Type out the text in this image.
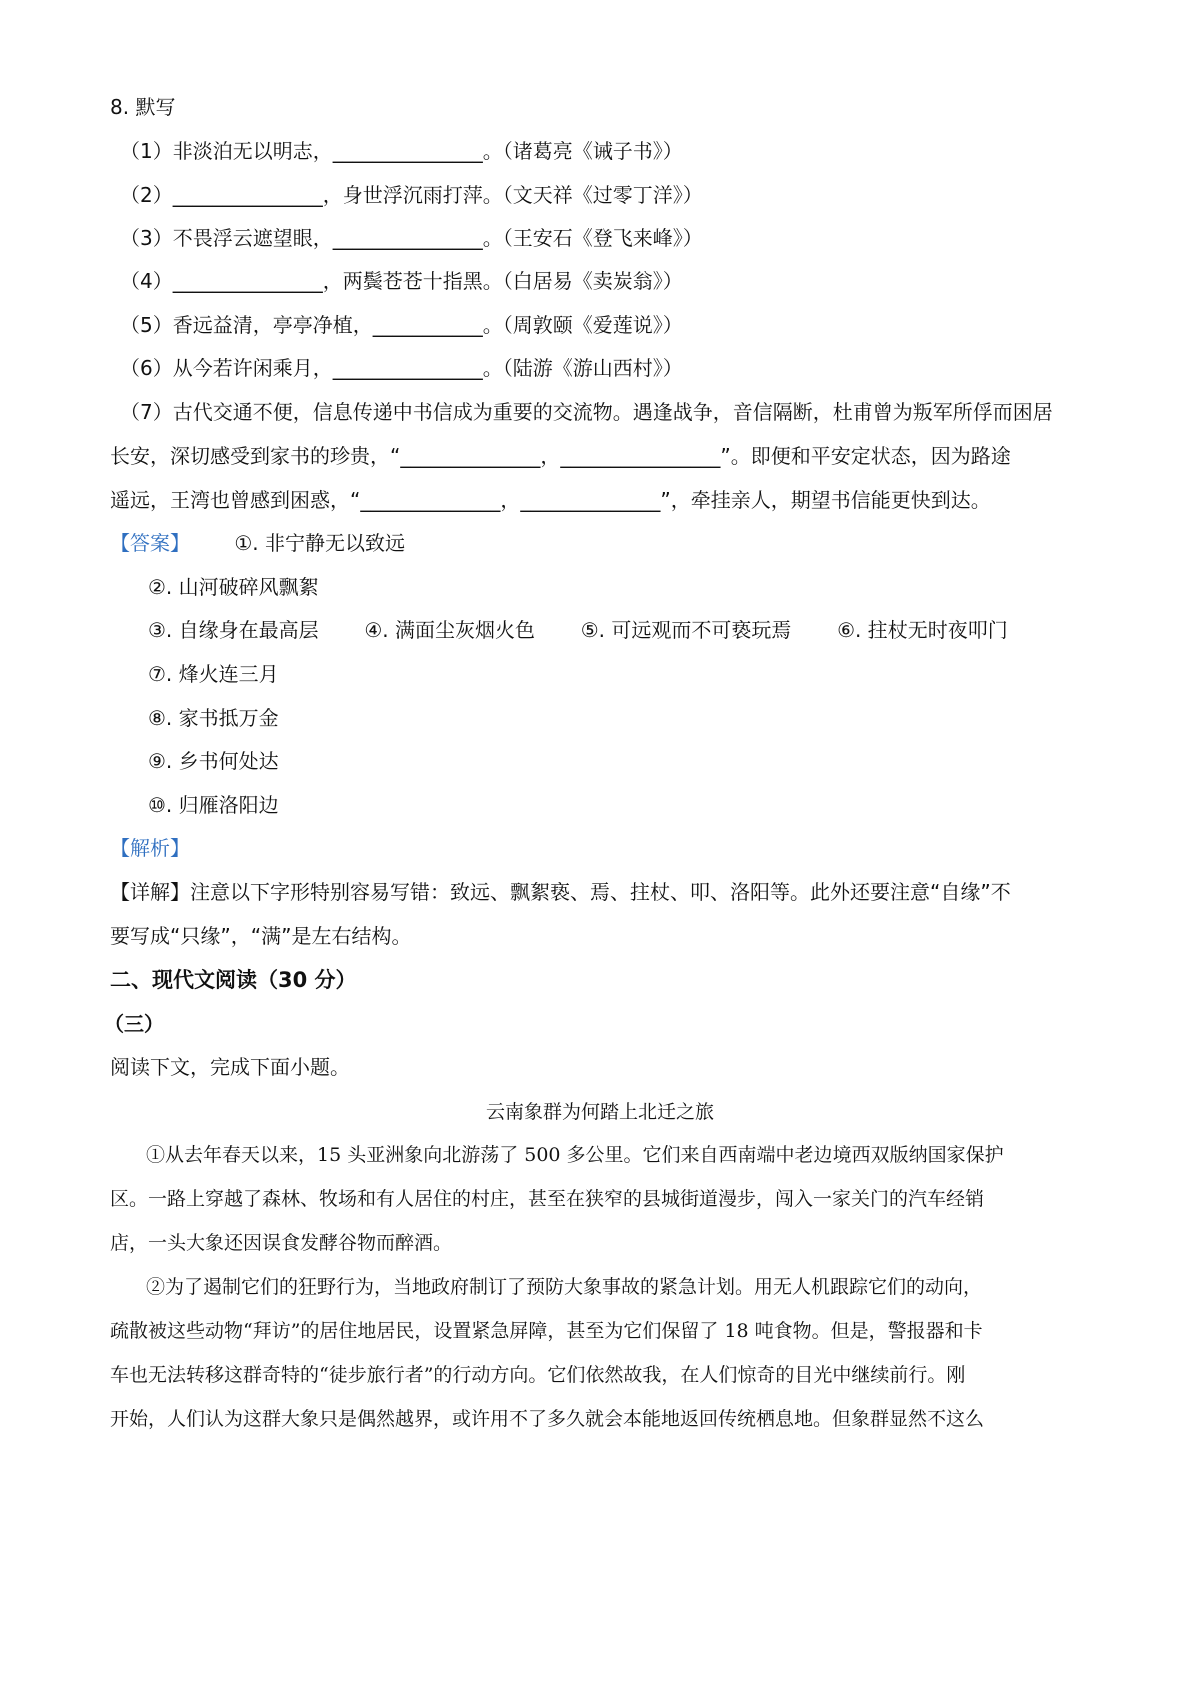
8. 默写
（1）非淡泊无以明志，_______________。（诸葛亮《诫子书》）
（2）_______________，身世浮沉雨打萍。（文天祥《过零丁洋》）
（3）不畏浮云遮望眼，_______________。（王安石《登飞来峰》）
（4）_______________，两鬓苍苍十指黑。（白居易《卖炭翁》）
（5）香远益清，亭亭净植，___________。（周敦颐《爱莲说》）
（6）从今若许闲乘月，_______________。（陆游《游山西村》）
（7）古代交通不便，信息传递中书信成为重要的交流物。遇逢战争，音信隔断，杜甫曾为叛军所俘而困居
长安，深切感受到家书的珍贵，“______________，________________”。即便和平安定状态，因为路途
遥远，王湾也曾感到困惑，“______________，______________”，牵挂亲人，期望书信能更快到达。
【答案】 ①. 非宁静无以致远
②. 山河破碎风飘絮
③. 自缘身在最高层 ④. 满面尘灰烟火色 ⑤. 可远观而不可亵玩焉 ⑥. 拄杖无时夜叩门
⑦. 烽火连三月
⑧. 家书抵万金
⑨. 乡书何处达
⑩. 归雁洛阳边
【解析】
【详解】注意以下字形特别容易写错：致远、飘絮亵、焉、拄杖、叩、洛阳等。此外还要注意“自缘”不
要写成“只缘”，“满”是左右结构。
二、现代文阅读（30 分）
（三）
阅读下文，完成下面小题。
云南象群为何踏上北迁之旅
①从去年春天以来，15 头亚洲象向北游荡了 500 多公里。它们来自西南端中老边境西双版纳国家保护
区。一路上穿越了森林、牧场和有人居住的村庄，甚至在狭窄的县城街道漫步，闯入一家关门的汽车经销
店，一头大象还因误食发酵谷物而醉酒。
②为了遏制它们的狂野行为，当地政府制订了预防大象事故的紧急计划。用无人机跟踪它们的动向，
疏散被这些动物“拜访”的居住地居民，设置紧急屏障，甚至为它们保留了 18 吨食物。但是，警报器和卡
车也无法转移这群奇特的“徒步旅行者”的行动方向。它们依然故我，在人们惊奇的目光中继续前行。刚
开始，人们认为这群大象只是偶然越界，或许用不了多久就会本能地返回传统栖息地。但象群显然不这么
